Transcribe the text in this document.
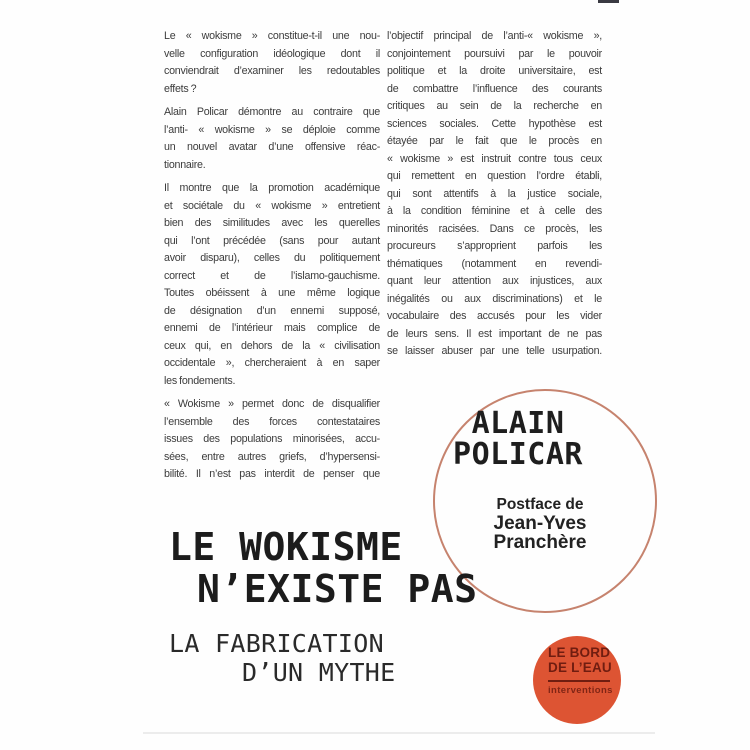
Le « wokisme » constitue-t-il une nou-
velle configuration idéologique dont il
conviendrait d’examiner les redoutables
effets ?
Alain Policar démontre au contraire que
l’anti- « wokisme » se déploie comme
un nouvel avatar d’une offensive réac-
tionnaire.
Il montre que la promotion académique
et sociétale du « wokisme » entretient
bien des similitudes avec les querelles
qui l’ont précédée (sans pour autant
avoir disparu), celles du politiquement
correct et de l’islamo-gauchisme.
Toutes obéissent à une même logique
de désignation d’un ennemi supposé,
ennemi de l’intérieur mais complice de
ceux qui, en dehors de la « civilisation
occidentale », chercheraient à en saper
les fondements.
« Wokisme » permet donc de disqualifier
l’ensemble des forces contestataires
issues des populations minorisées, accu-
sées, entre autres griefs, d’hypersensi-
bilité. Il n’est pas interdit de penser que
l’objectif principal de l’anti-« wokisme »,
conjointement poursuivi par le pouvoir
politique et la droite universitaire, est
de combattre l’influence des courants
critiques au sein de la recherche en
sciences sociales. Cette hypothèse est
étayée par le fait que le procès en
« wokisme » est instruit contre tous ceux
qui remettent en question l’ordre établi,
qui sont attentifs à la justice sociale,
à la condition féminine et à celle des
minorités racisées. Dans ce procès, les
procureurs s’approprient parfois les
thématiques (notamment en revendi-
quant leur attention aux injustices, aux
inégalités ou aux discriminations) et le
vocabulaire des accusés pour les vider
de leurs sens. Il est important de ne pas
se laisser abuser par une telle usurpation.
ALAIN
POLICAR
Postface de
Jean-Yves
Pranchère
LE WOKISME
N’EXISTE PAS
LA FABRICATION
D’UN MYTHE
LE BORD
DE L’EAU
interventions
